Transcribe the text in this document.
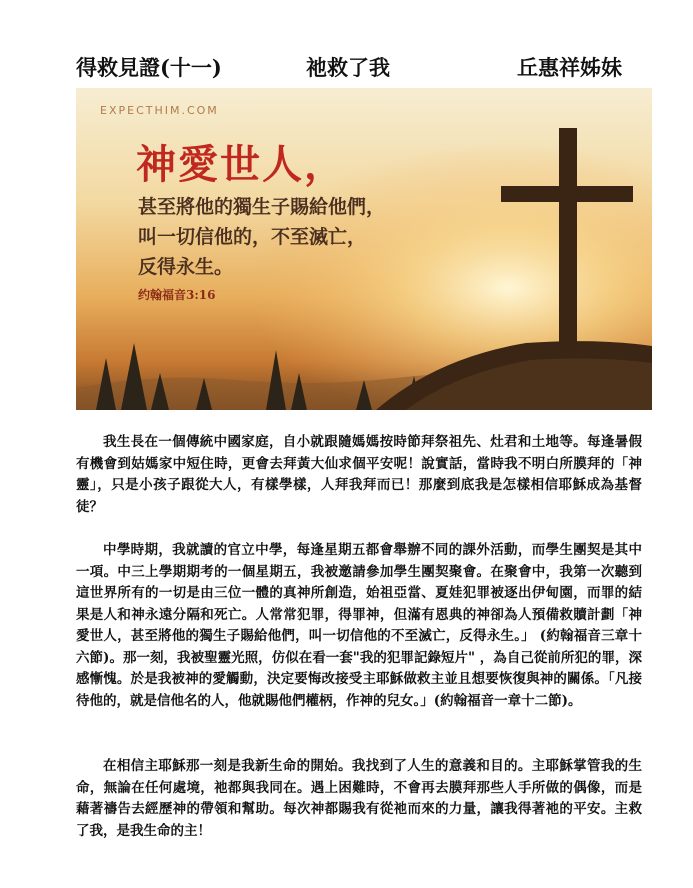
得救見證(十一)	祂救了我	丘惠祥姊妹
EXPECTHIM.COM
神愛世人，
甚至將他的獨生子賜給他們，
叫一切信他的，不至滅亡，
反得永生。
约翰福音3:16

我生長在一個傳統中國家庭，自小就跟隨媽媽按時節拜祭祖先、灶君和土地等。每逢暑假有機會到姑媽家中短住時，更會去拜黃大仙求個平安呢！說實話，當時我不明白所膜拜的「神靈」，只是小孩子跟從大人，有樣學樣，人拜我拜而已！那麼到底我是怎樣相信耶穌成為基督徒？

中學時期，我就讀的官立中學，每逢星期五都會舉辦不同的課外活動，而學生團契是其中一項。中三上學期期考的一個星期五，我被邀請參加學生團契聚會。在聚會中，我第一次聽到這世界所有的一切是由三位一體的真神所創造，始祖亞當、夏娃犯罪被逐出伊甸園，而罪的結果是人和神永遠分隔和死亡。人常常犯罪，得罪神，但滿有恩典的神卻為人預備救贖計劃「神愛世人，甚至將他的獨生子賜給他們，叫一切信他的不至滅亡，反得永生。」 (約翰福音三章十六節)。那一刻，我被聖靈光照，仿似在看一套"我的犯罪記錄短片" ，為自己從前所犯的罪，深感慚愧。於是我被神的愛觸動，決定要悔改接受主耶穌做救主並且想要恢復與神的關係。「凡接待他的，就是信他名的人，他就賜他們權柄，作神的兒女。」(約翰福音一章十二節)。

在相信主耶穌那一刻是我新生命的開始。我找到了人生的意義和目的。主耶穌掌管我的生命，無論在任何處境，祂都與我同在。遇上困難時，不會再去膜拜那些人手所做的偶像，而是藉著禱告去經歷神的帶領和幫助。每次神都賜我有從祂而來的力量，讓我得著祂的平安。主救了我，是我生命的主！
